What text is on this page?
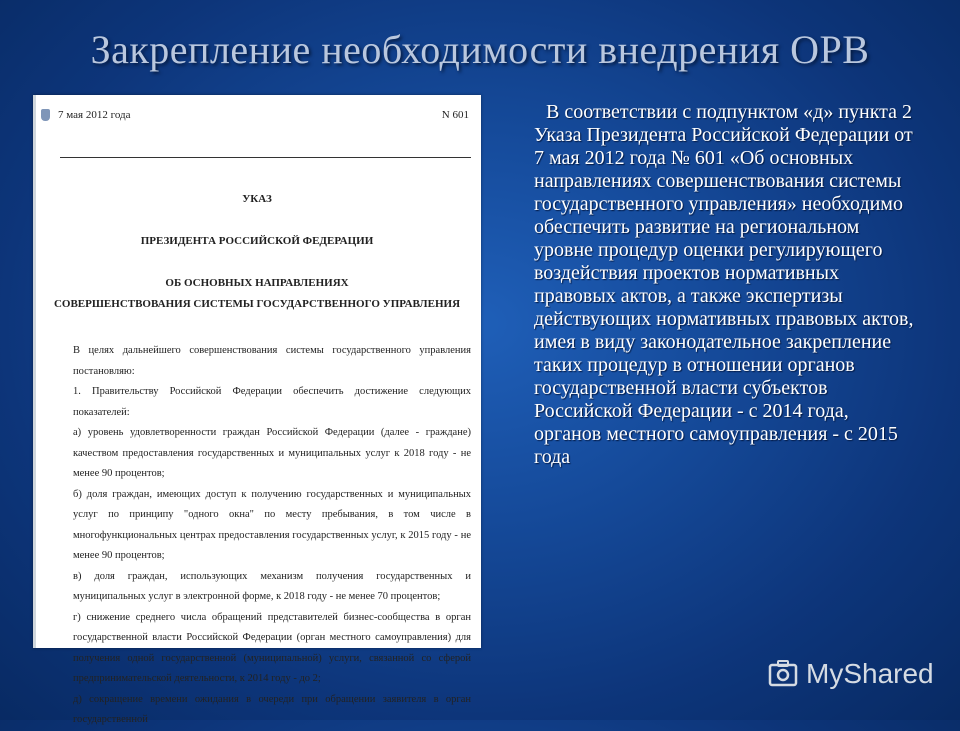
Закрепление необходимости внедрения ОРВ
7 мая 2012 года	N 601
УКАЗ
ПРЕЗИДЕНТА РОССИЙСКОЙ ФЕДЕРАЦИИ
ОБ ОСНОВНЫХ НАПРАВЛЕНИЯХ
СОВЕРШЕНСТВОВАНИЯ СИСТЕМЫ ГОСУДАРСТВЕННОГО УПРАВЛЕНИЯ

В целях дальнейшего совершенствования системы государственного управления постановляю:

1. Правительству Российской Федерации обеспечить достижение следующих показателей:

а) уровень удовлетворенности граждан Российской Федерации (далее - граждане) качеством предоставления государственных и муниципальных услуг к 2018 году - не менее 90 процентов;

б) доля граждан, имеющих доступ к получению государственных и муниципальных услуг по принципу "одного окна" по месту пребывания, в том числе в многофункциональных центрах предоставления государственных услуг, к 2015 году - не менее 90 процентов;

в) доля граждан, использующих механизм получения государственных и муниципальных услуг в электронной форме, к 2018 году - не менее 70 процентов;

г) снижение среднего числа обращений представителей бизнес-сообщества в орган государственной власти Российской Федерации (орган местного самоуправления) для получения одной государственной (муниципальной) услуги, связанной со сферой предпринимательской деятельности, к 2014 году - до 2;

д) сокращение времени ожидания в очереди при обращении заявителя в орган государственной

В соответствии с подпунктом «д» пункта 2 Указа Президента Российской Федерации от 7 мая 2012 года № 601 «Об основных направлениях совершенствования системы государственного управления» необходимо обеспечить развитие на региональном уровне процедур оценки регулирующего воздействия проектов нормативных правовых актов, а также экспертизы действующих нормативных правовых актов, имея в виду законодательное закрепление таких процедур в отношении органов государственной власти субъектов Российской Федерации - с 2014 года, органов местного самоуправления - с 2015 года
MyShared
